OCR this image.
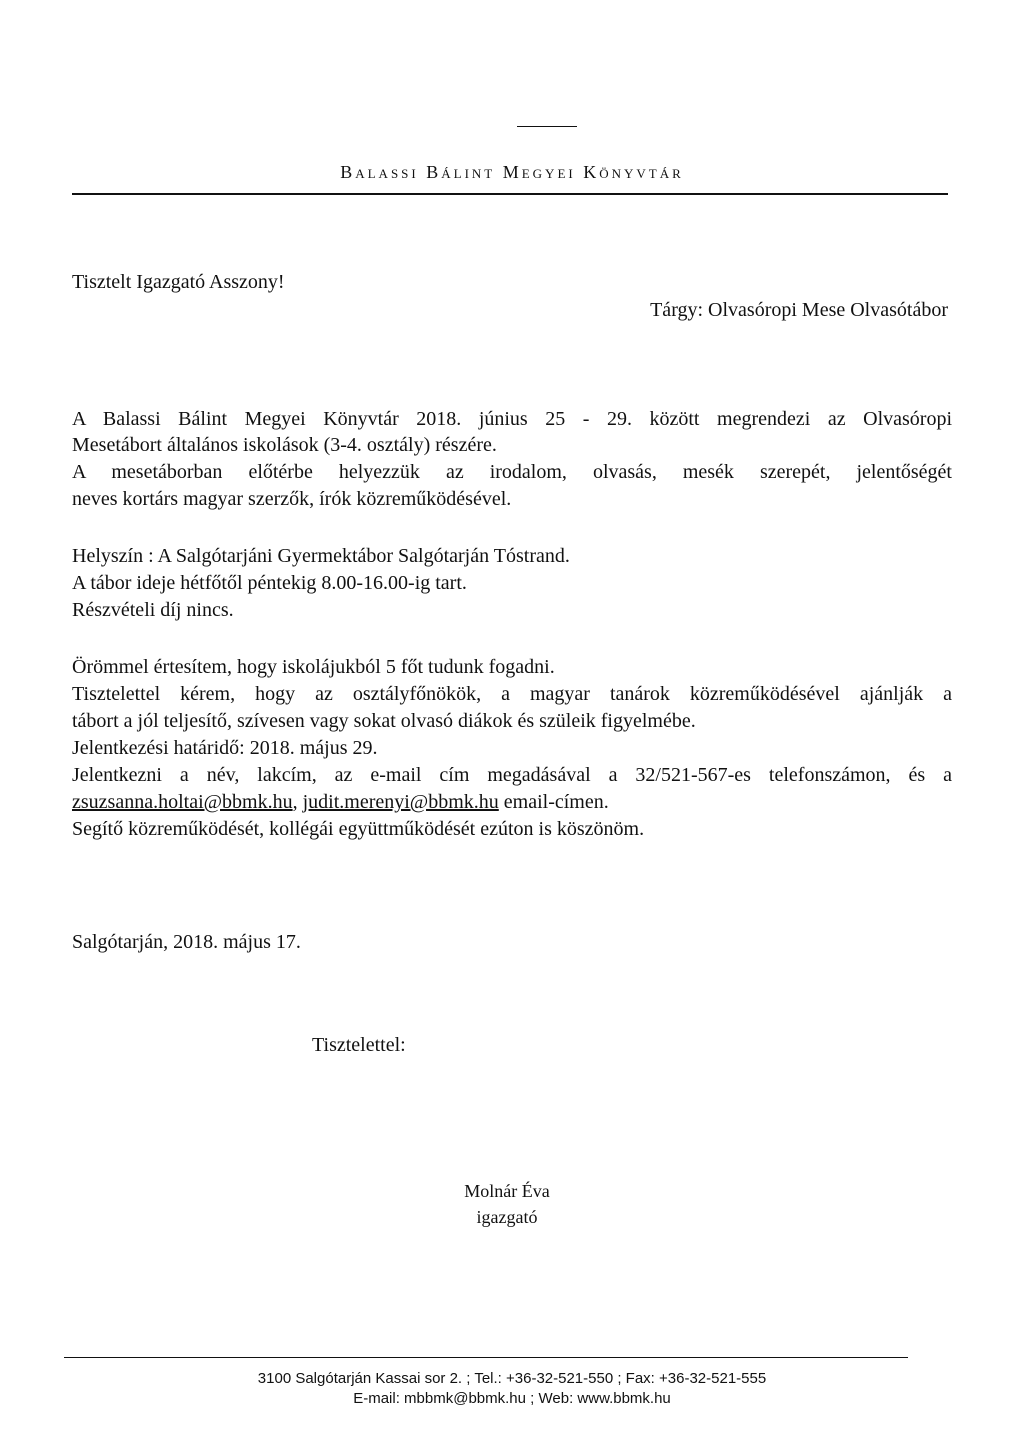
Balassi Bálint Megyei Könyvtár
Tisztelt Igazgató Asszony!
Tárgy: Olvasóropi Mese Olvasótábor
A Balassi Bálint Megyei Könyvtár 2018. június 25 - 29. között megrendezi az Olvasóropi
Mesetábort általános iskolások (3-4. osztály) részére.
A mesetáborban előtérbe helyezzük az irodalom, olvasás, mesék szerepét, jelentőségét
neves kortárs magyar szerzők, írók közreműködésével.
Helyszín : A Salgótarjáni Gyermektábor Salgótarján Tóstrand.
A tábor ideje hétfőtől péntekig 8.00-16.00-ig tart.
Részvételi díj nincs.
Örömmel értesítem, hogy iskolájukból 5 főt tudunk fogadni.
Tisztelettel kérem, hogy az osztályfőnökök, a magyar tanárok közreműködésével ajánlják a
tábort a jól teljesítő, szívesen vagy sokat olvasó diákok és szüleik figyelmébe.
Jelentkezési határidő: 2018. május 29.
Jelentkezni a név, lakcím, az e-mail cím megadásával a 32/521-567-es telefonszámon, és a
zsuzsanna.holtai@bbmk.hu, judit.merenyi@bbmk.hu email-címen.
Segítő közreműködését, kollégái együttműködését ezúton is köszönöm.
Salgótarján, 2018. május 17.
Tisztelettel:
Molnár Éva
igazgató
3100 Salgótarján Kassai sor 2. ; Tel.: +36-32-521-550 ; Fax: +36-32-521-555
E-mail: mbbmk@bbmk.hu ; Web: www.bbmk.hu
